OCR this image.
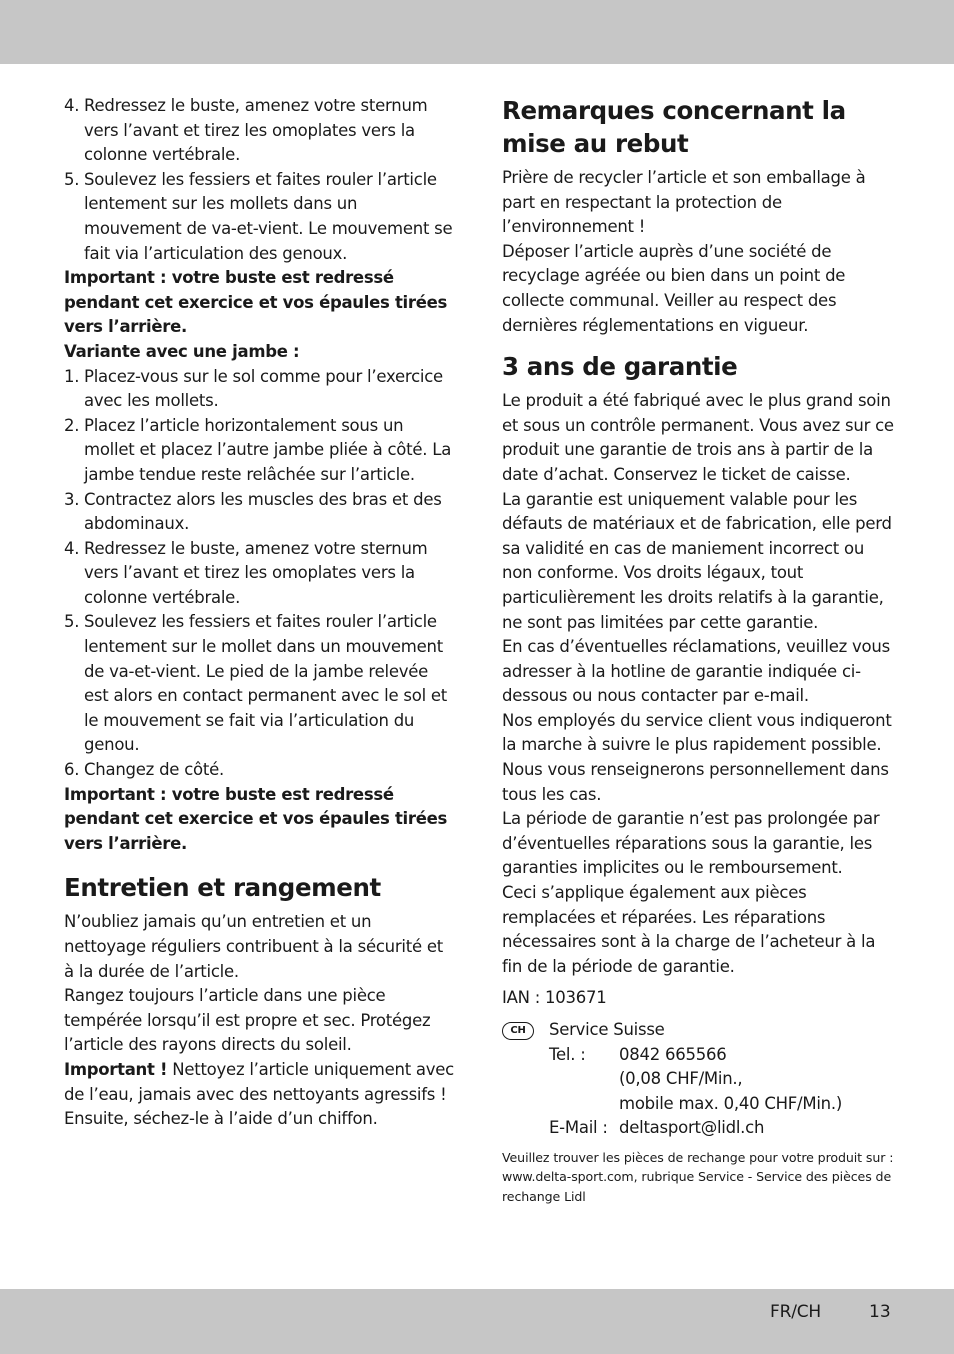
4. Redressez le buste, amenez votre sternum vers l’avant et tirez les omoplates vers la colonne vertébrale.
5. Soulevez les fessiers et faites rouler l’article lentement sur les mollets dans un mouvement de va-et-vient. Le mouvement se fait via l’articulation des genoux.

Important : votre buste est redressé pendant cet exercice et vos épaules tirées vers l’arrière.

Variante avec une jambe :

1. Placez-vous sur le sol comme pour l’exercice avec les mollets.
2. Placez l’article horizontalement sous un mollet et placez l’autre jambe pliée à côté. La jambe tendue reste relâchée sur l’article.
3. Contractez alors les muscles des bras et des abdominaux.
4. Redressez le buste, amenez votre sternum vers l’avant et tirez les omoplates vers la colonne vertébrale.
5. Soulevez les fessiers et faites rouler l’article lentement sur le mollet dans un mouvement de va-et-vient. Le pied de la jambe relevée est alors en contact permanent avec le sol et le mouvement se fait via l’articulation du genou.
6. Changez de côté.

Important : votre buste est redressé pendant cet exercice et vos épaules tirées vers l’arrière.

Entretien et rangement

N’oubliez jamais qu’un entretien et un nettoyage réguliers contribuent à la sécurité et à la durée de l’article.

Rangez toujours l’article dans une pièce tempérée lorsqu’il est propre et sec. Protégez l’article des rayons directs du soleil.

Important ! Nettoyez l’article uniquement avec de l’eau, jamais avec des nettoyants agressifs ! Ensuite, séchez-le à l’aide d’un chiffon.

Remarques concernant la mise au rebut

Prière de recycler l’article et son emballage à part en respectant la protection de l’environnement !

Déposer l’article auprès d’une société de recyclage agréée ou bien dans un point de collecte communal. Veiller au respect des dernières réglementations en vigueur.

3 ans de garantie

Le produit a été fabriqué avec le plus grand soin et sous un contrôle permanent. Vous avez sur ce produit une garantie de trois ans à partir de la date d’achat. Conservez le ticket de caisse.

La garantie est uniquement valable pour les défauts de matériaux et de fabrication, elle perd sa validité en cas de maniement incorrect ou non conforme. Vos droits légaux, tout particulièrement les droits relatifs à la garantie, ne sont pas limitées par cette garantie.

En cas d’éventuelles réclamations, veuillez vous adresser à la hotline de garantie indiquée ci-dessous ou nous contacter par e-mail.

Nos employés du service client vous indiqueront la marche à suivre le plus rapidement possible. Nous vous renseignerons personnellement dans tous les cas.

La période de garantie n’est pas prolongée par d’éventuelles réparations sous la garantie, les garanties implicites ou le remboursement.

Ceci s’applique également aux pièces remplacées et réparées. Les réparations nécessaires sont à la charge de l’acheteur à la fin de la période de garantie.

IAN : 103671

CH	Service Suisse
Tel. :	0842 665566
(0,08 CHF/Min.,
mobile max. 0,40 CHF/Min.)
E-Mail : deltasport@lidl.ch

Veuillez trouver les pièces de rechange pour votre produit sur : www.delta-sport.com, rubrique Service - Service des pièces de rechange Lidl

FR/CH	13
